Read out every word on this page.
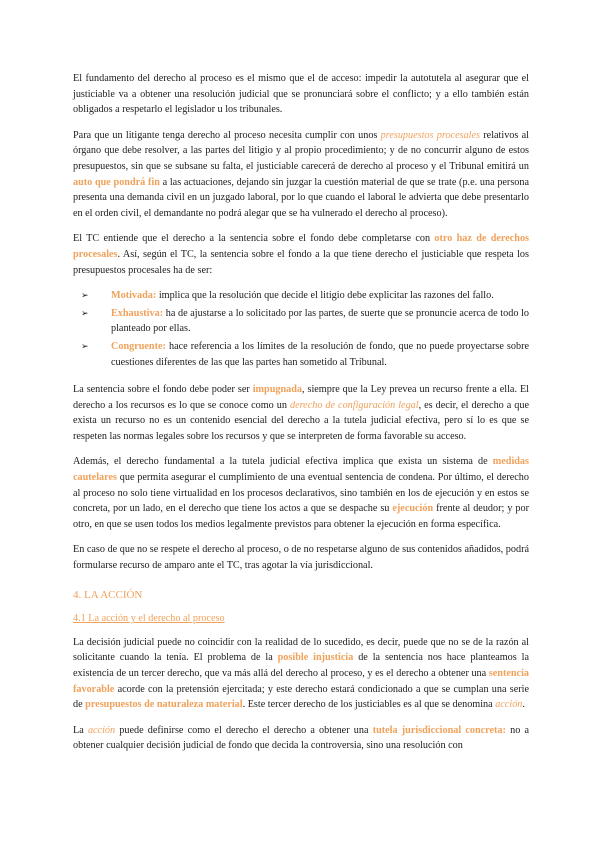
El fundamento del derecho al proceso es el mismo que el de acceso: impedir la autotutela al asegurar que el justiciable va a obtener una resolución judicial que se pronunciará sobre el conflicto; y a ello también están obligados a respetarlo el legislador u los tribunales.

Para que un litigante tenga derecho al proceso necesita cumplir con unos presupuestos procesales relativos al órgano que debe resolver, a las partes del litigio y al propio procedimiento; y de no concurrir alguno de estos presupuestos, sin que se subsane su falta, el justiciable carecerá de derecho al proceso y el Tribunal emitirá un auto que pondrá fin a las actuaciones, dejando sin juzgar la cuestión material de que se trate (p.e. una persona presenta una demanda civil en un juzgado laboral, por lo que cuando el laboral le advierta que debe presentarlo en el orden civil, el demandante no podrá alegar que se ha vulnerado el derecho al proceso).

El TC entiende que el derecho a la sentencia sobre el fondo debe completarse con otro haz de derechos procesales. Así, según el TC, la sentencia sobre el fondo a la que tiene derecho el justiciable que respeta los presupuestos procesales ha de ser:

➢	Motivada: implica que la resolución que decide el litigio debe explicitar las razones del fallo.
➢	Exhaustiva: ha de ajustarse a lo solicitado por las partes, de suerte que se pronuncie acerca de todo lo planteado por ellas.
➢	Congruente: hace referencia a los límites de la resolución de fondo, que no puede proyectarse sobre cuestiones diferentes de las que las partes han sometido al Tribunal.

La sentencia sobre el fondo debe poder ser impugnada, siempre que la Ley prevea un recurso frente a ella. El derecho a los recursos es lo que se conoce como un derecho de configuración legal, es decir, el derecho a que exista un recurso no es un contenido esencial del derecho a la tutela judicial efectiva, pero sí lo es que se respeten las normas legales sobre los recursos y que se interpreten de forma favorable su acceso.

Además, el derecho fundamental a la tutela judicial efectiva implica que exista un sistema de medidas cautelares que permita asegurar el cumplimiento de una eventual sentencia de condena. Por último, el derecho al proceso no solo tiene virtualidad en los procesos declarativos, sino también en los de ejecución y en estos se concreta, por un lado, en el derecho que tiene los actos a que se despache su ejecución frente al deudor; y por otro, en que se usen todos los medios legalmente previstos para obtener la ejecución en forma específica.

En caso de que no se respete el derecho al proceso, o de no respetarse alguno de sus contenidos añadidos, podrá formularse recurso de amparo ante el TC, tras agotar la vía jurisdiccional.

4. LA ACCIÓN
4.1 La acción y el derecho al proceso

La decisión judicial puede no coincidir con la realidad de lo sucedido, es decir, puede que no se de la razón al solicitante cuando la tenía. El problema de la posible injusticia de la sentencia nos hace planteamos la existencia de un tercer derecho, que va más allá del derecho al proceso, y es el derecho a obtener una sentencia favorable acorde con la pretensión ejercitada; y este derecho estará condicionado a que se cumplan una serie de presupuestos de naturaleza material. Este tercer derecho de los justiciables es al que se denomina acción.

La acción puede definirse como el derecho el derecho a obtener una tutela jurisdiccional concreta: no a obtener cualquier decisión judicial de fondo que decida la controversia, sino una resolución con
